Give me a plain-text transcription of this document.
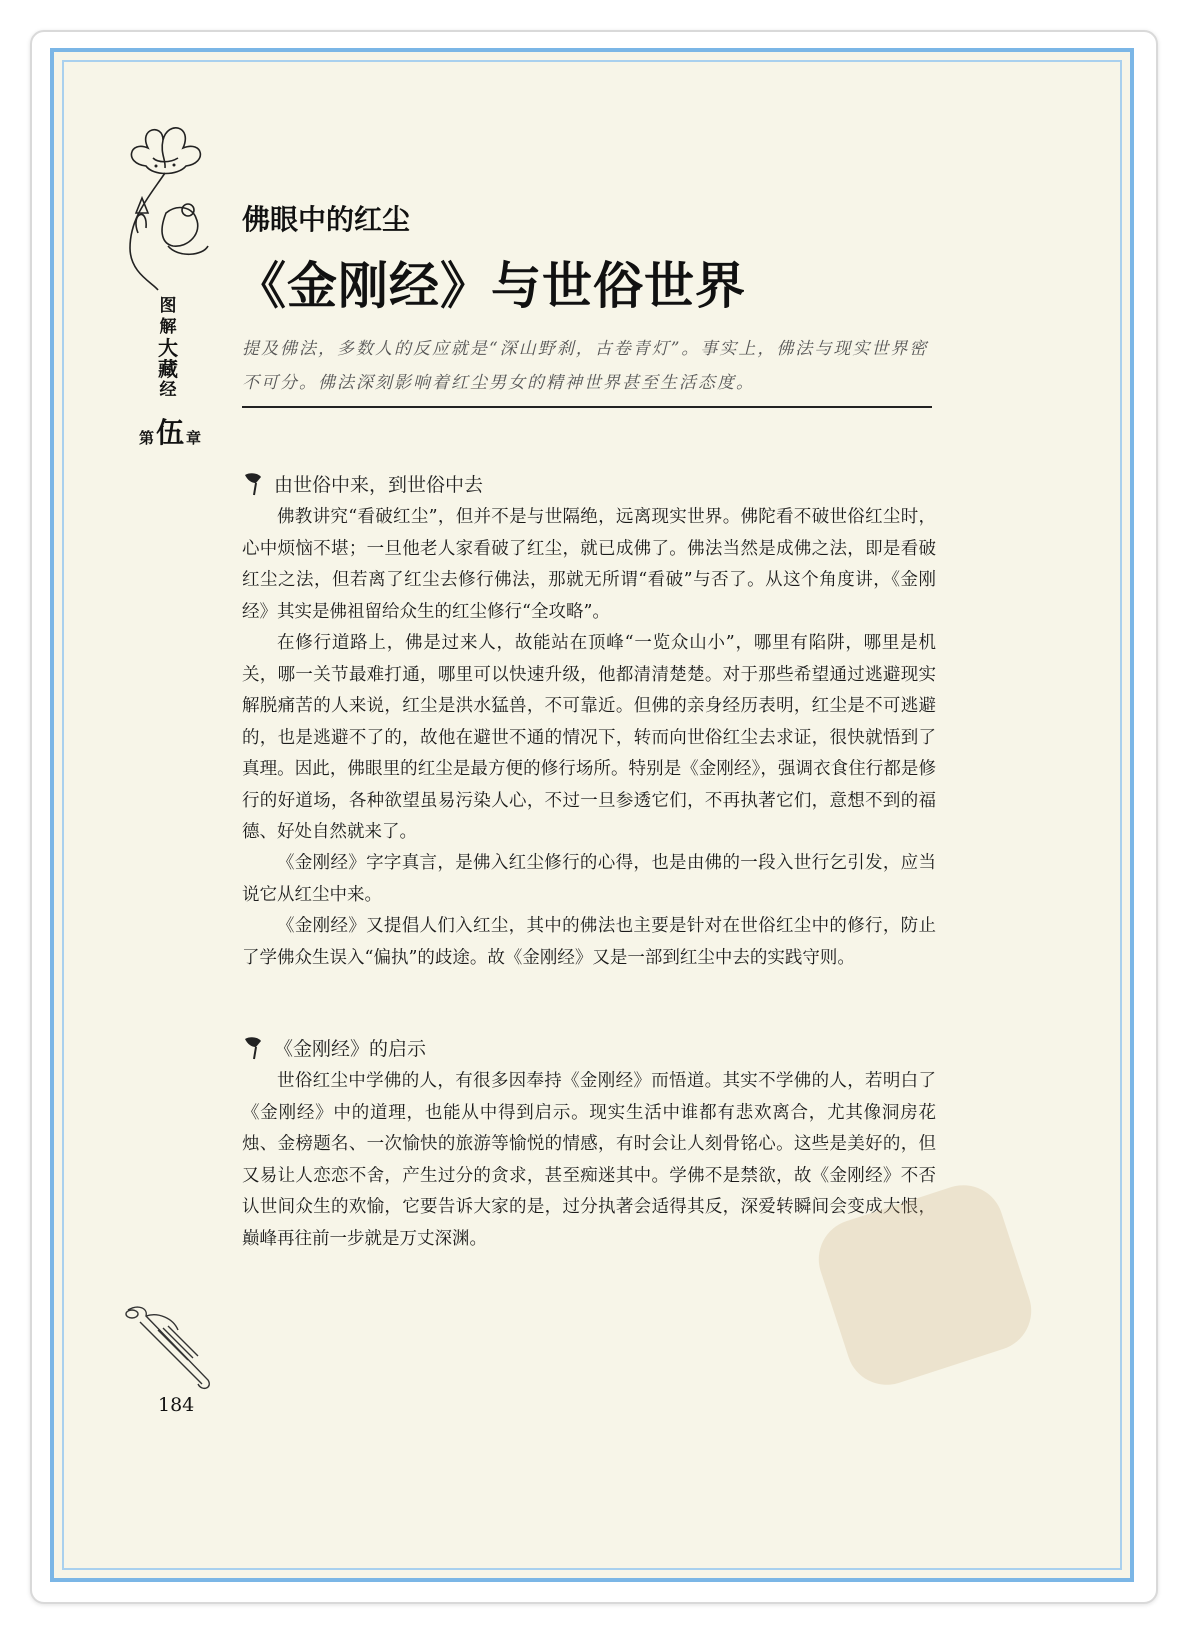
图
解
大
藏
经
第 伍 章
佛眼中的红尘
《金刚经》与世俗世界
提及佛法，多数人的反应就是“深山野刹，古卷青灯”。事实上，佛法与现实世界密不可分。佛法深刻影响着红尘男女的精神世界甚至生活态度。
由世俗中来，到世俗中去

佛教讲究“看破红尘”，但并不是与世隔绝，远离现实世界。佛陀看不破世俗红尘时，心中烦恼不堪；一旦他老人家看破了红尘，就已成佛了。佛法当然是成佛之法，即是看破红尘之法，但若离了红尘去修行佛法，那就无所谓“看破”与否了。从这个角度讲，《金刚经》其实是佛祖留给众生的红尘修行“全攻略”。

在修行道路上，佛是过来人，故能站在顶峰“一览众山小”，哪里有陷阱，哪里是机关，哪一关节最难打通，哪里可以快速升级，他都清清楚楚。对于那些希望通过逃避现实解脱痛苦的人来说，红尘是洪水猛兽，不可靠近。但佛的亲身经历表明，红尘是不可逃避的，也是逃避不了的，故他在避世不通的情况下，转而向世俗红尘去求证，很快就悟到了真理。因此，佛眼里的红尘是最方便的修行场所。特别是《金刚经》，强调衣食住行都是修行的好道场，各种欲望虽易污染人心，不过一旦参透它们，不再执著它们，意想不到的福德、好处自然就来了。

《金刚经》字字真言，是佛入红尘修行的心得，也是由佛的一段入世行乞引发，应当说它从红尘中来。

《金刚经》又提倡人们入红尘，其中的佛法也主要是针对在世俗红尘中的修行，防止了学佛众生误入“偏执”的歧途。故《金刚经》又是一部到红尘中去的实践守则。

《金刚经》的启示

世俗红尘中学佛的人，有很多因奉持《金刚经》而悟道。其实不学佛的人，若明白了《金刚经》中的道理，也能从中得到启示。现实生活中谁都有悲欢离合，尤其像洞房花烛、金榜题名、一次愉快的旅游等愉悦的情感，有时会让人刻骨铭心。这些是美好的，但又易让人恋恋不舍，产生过分的贪求，甚至痴迷其中。学佛不是禁欲，故《金刚经》不否认世间众生的欢愉，它要告诉大家的是，过分执著会适得其反，深爱转瞬间会变成大恨，巅峰再往前一步就是万丈深渊。

184
